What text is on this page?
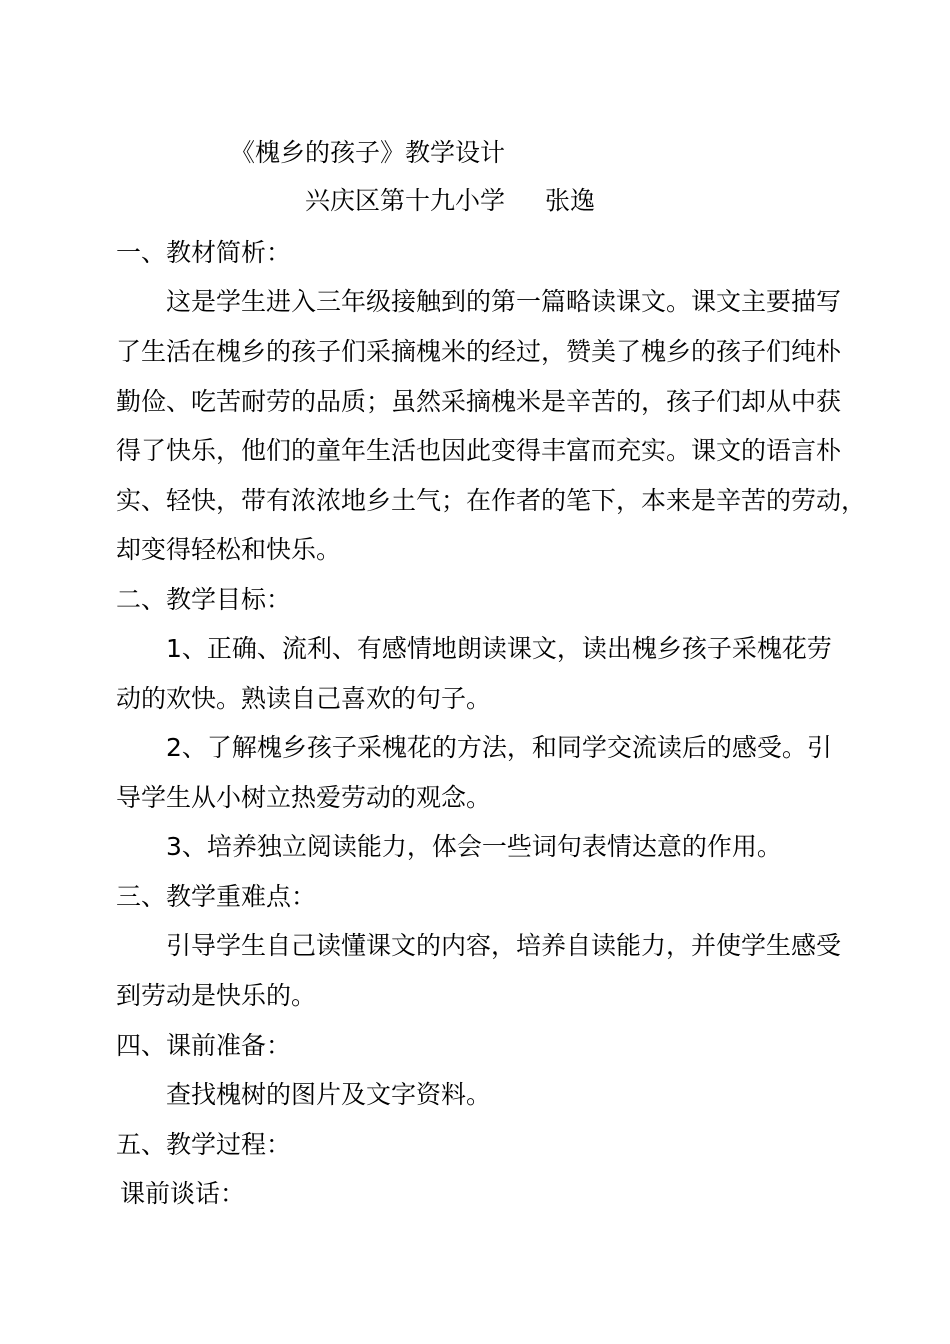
《槐乡的孩子》教学设计
兴庆区第十九小学 张逸
一、教材简析：
这是学生进入三年级接触到的第一篇略读课文。课文主要描写
了生活在槐乡的孩子们采摘槐米的经过，赞美了槐乡的孩子们纯朴
勤俭、吃苦耐劳的品质；虽然采摘槐米是辛苦的，孩子们却从中获
得了快乐，他们的童年生活也因此变得丰富而充实。课文的语言朴
实、轻快，带有浓浓地乡土气；在作者的笔下，本来是辛苦的劳动，
却变得轻松和快乐。
二、教学目标：
1、正确、流利、有感情地朗读课文，读出槐乡孩子采槐花劳
动的欢快。熟读自己喜欢的句子。
2、了解槐乡孩子采槐花的方法，和同学交流读后的感受。引
导学生从小树立热爱劳动的观念。
3、培养独立阅读能力，体会一些词句表情达意的作用。
三、教学重难点：
引导学生自己读懂课文的内容，培养自读能力，并使学生感受
到劳动是快乐的。
四、课前准备：
查找槐树的图片及文字资料。
五、教学过程：
课前谈话：
